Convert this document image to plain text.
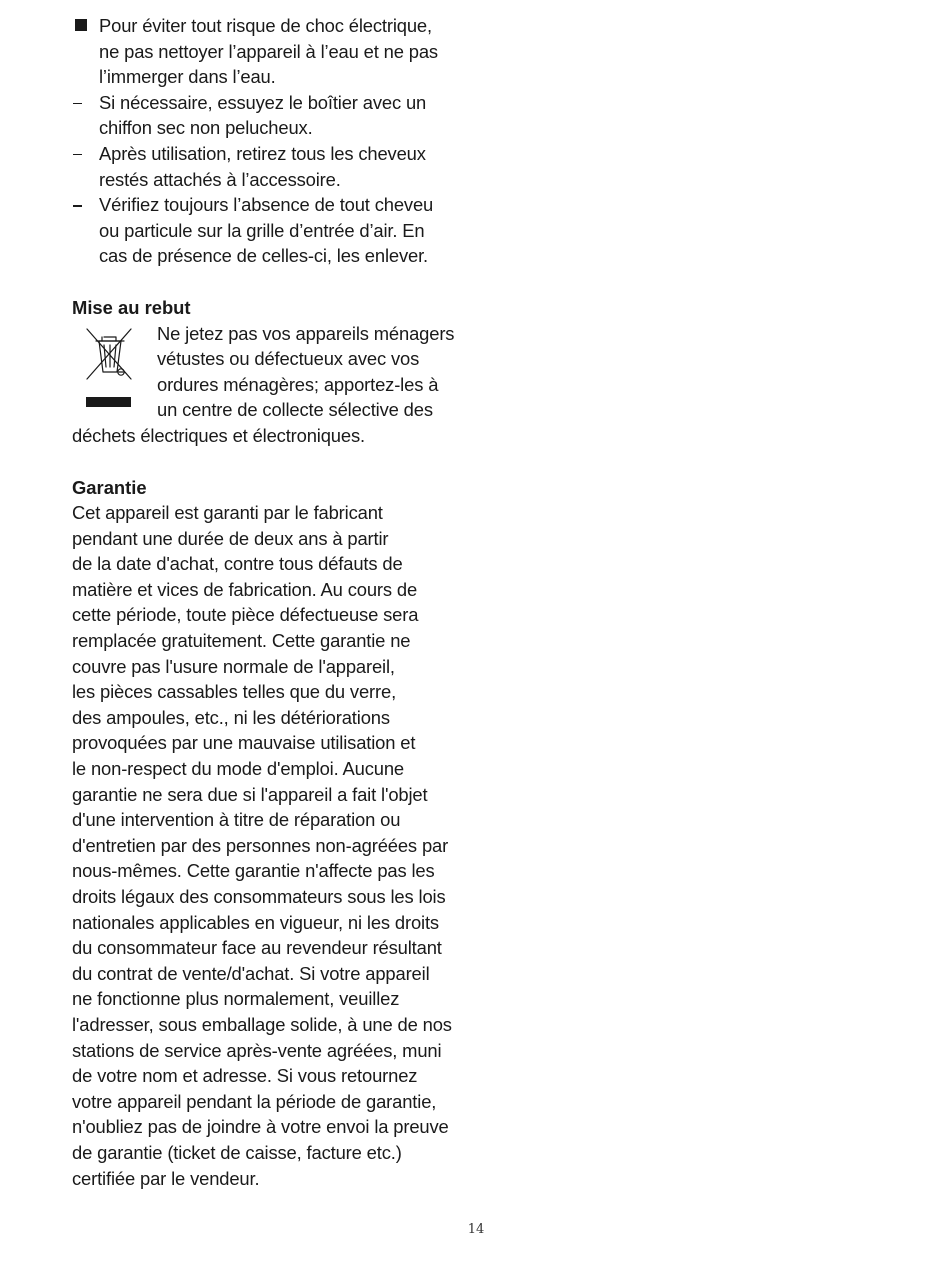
Pour éviter tout risque de choc électrique,
ne pas nettoyer l’appareil à l’eau et ne pas
l’immerger dans l’eau.
Si nécessaire, essuyez le boîtier avec un
chiffon sec non pelucheux.
Après utilisation, retirez tous les cheveux
restés attachés à l’accessoire.
Vérifiez toujours l’absence de tout cheveu
ou particule sur la grille d’entrée d’air. En
cas de présence de celles-ci, les enlever.
Mise au rebut
Ne jetez pas vos appareils ménagers
vétustes ou défectueux avec vos
ordures ménagères; apportez-les à
un centre de collecte sélective des
déchets électriques et électroniques.
Garantie
Cet appareil est garanti par le fabricant
pendant une durée de deux ans à partir
de la date d'achat, contre tous défauts de
matière et vices de fabrication. Au cours de
cette période, toute pièce défectueuse sera
remplacée gratuitement. Cette garantie ne
couvre pas l'usure normale de l'appareil,
les pièces cassables telles que du verre,
des ampoules, etc., ni les détériorations
provoquées par une mauvaise utilisation et
le non-respect du mode d'emploi. Aucune
garantie ne sera due si l'appareil a fait l'objet
d'une intervention à titre de réparation ou
d'entretien par des personnes non-agréées par
nous-mêmes. Cette garantie n'affecte pas les
droits légaux des consommateurs sous les lois
nationales applicables en vigueur, ni les droits
du consommateur face au revendeur résultant
du contrat de vente/d'achat. Si votre appareil
ne fonctionne plus normalement, veuillez
l'adresser, sous emballage solide, à une de nos
stations de service après-vente agréées, muni
de votre nom et adresse. Si vous retournez
votre appareil pendant la période de garantie,
n'oubliez pas de joindre à votre envoi la preuve
de garantie (ticket de caisse, facture etc.)
certifiée par le vendeur.
14
